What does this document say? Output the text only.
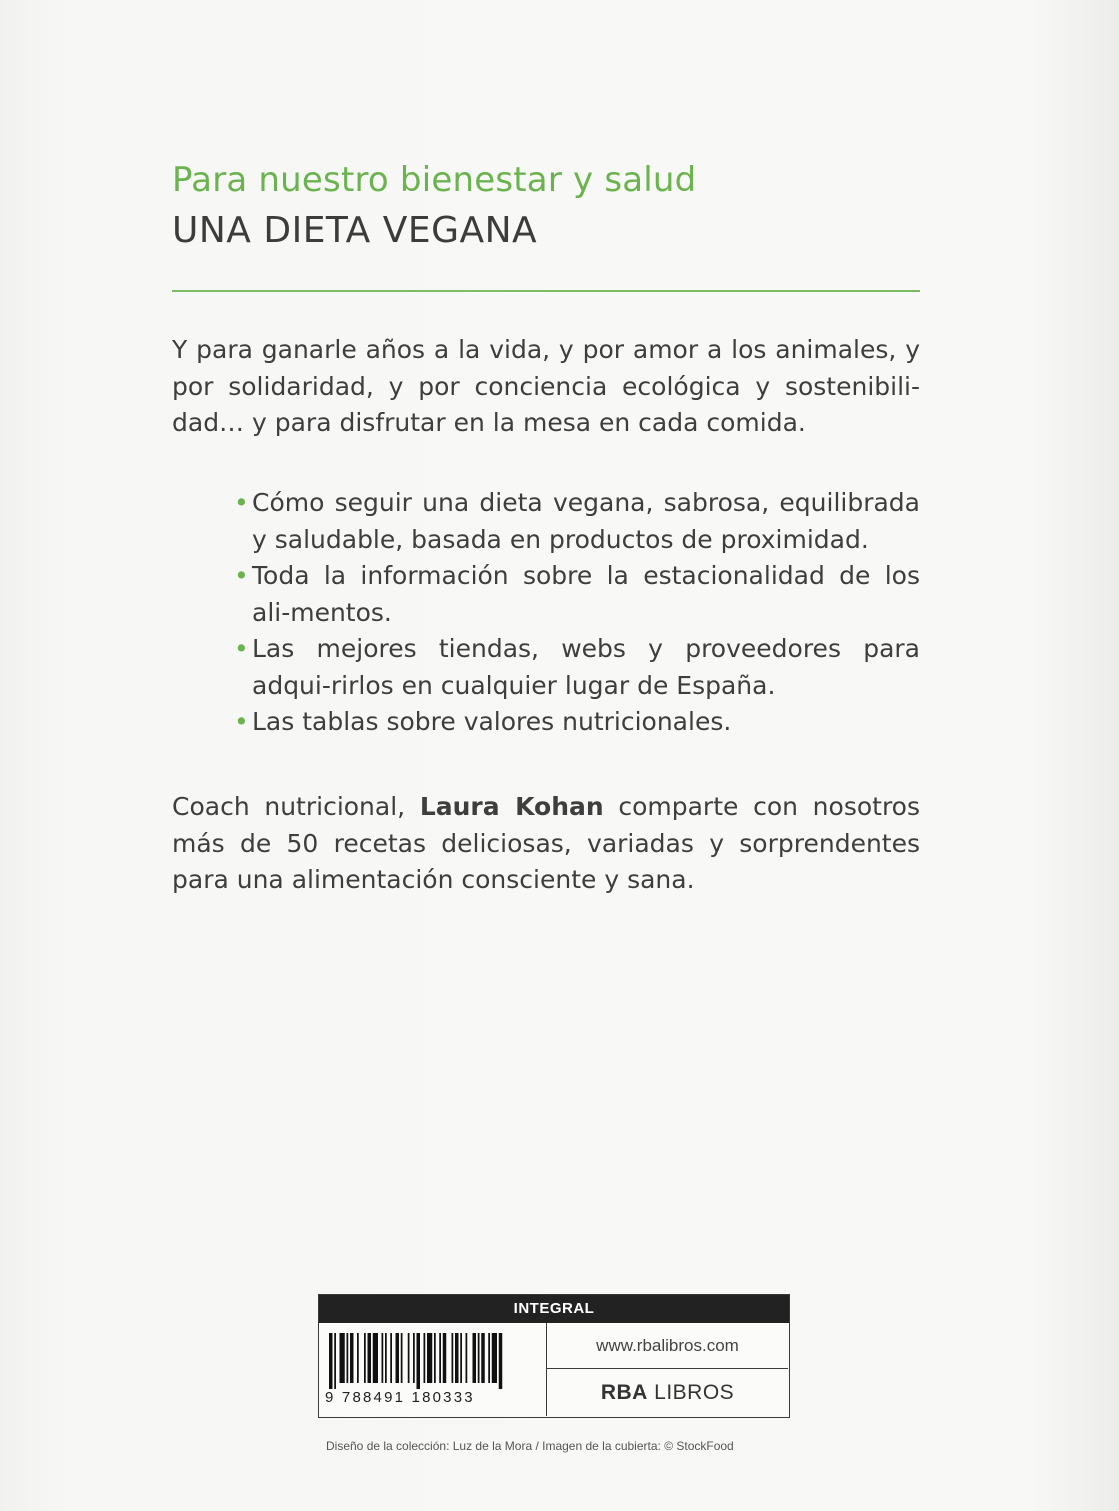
Para nuestro bienestar y salud
UNA DIETA VEGANA

Y para ganarle años a la vida, y por amor a los animales, y por solidaridad, y por conciencia ecológica y sostenibili-dad… y para disfrutar en la mesa en cada comida.

• Cómo seguir una dieta vegana, sabrosa, equilibrada y saludable, basada en productos de proximidad.
• Toda la información sobre la estacionalidad de los ali-mentos.
• Las mejores tiendas, webs y proveedores para adqui-rirlos en cualquier lugar de España.
• Las tablas sobre valores nutricionales.

Coach nutricional, Laura Kohan comparte con nosotros más de 50 recetas deliciosas, variadas y sorprendentes para una alimentación consciente y sana.

INTEGRAL
9 788491 180333
www.rbalibros.com
RBA LIBROS
Diseño de la colección: Luz de la Mora / Imagen de la cubierta: © StockFood
